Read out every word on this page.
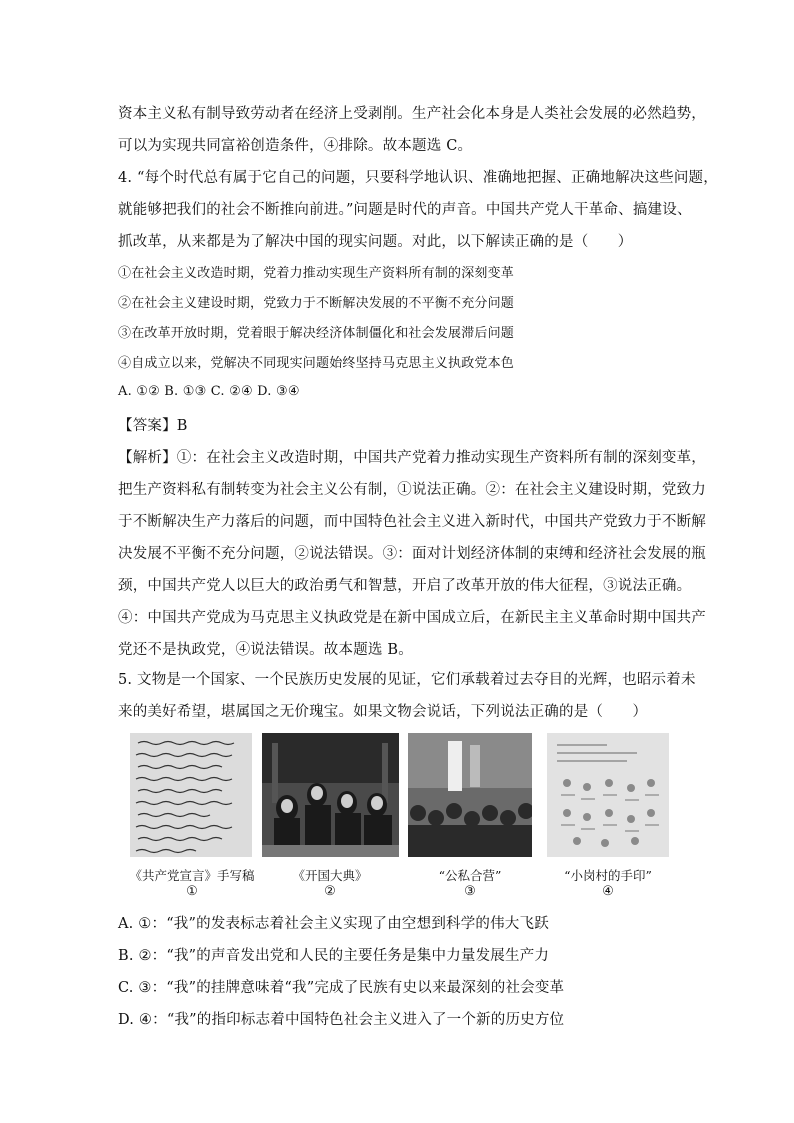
资本主义私有制导致劳动者在经济上受剥削。生产社会化本身是人类社会发展的必然趋势，
可以为实现共同富裕创造条件，④排除。故本题选 C。
4. “每个时代总有属于它自己的问题，只要科学地认识、准确地把握、正确地解决这些问题，
就能够把我们的社会不断推向前进。”问题是时代的声音。中国共产党人干革命、搞建设、
抓改革，从来都是为了解决中国的现实问题。对此，以下解读正确的是（　　）
①在社会主义改造时期，党着力推动实现生产资料所有制的深刻变革
②在社会主义建设时期，党致力于不断解决发展的不平衡不充分问题
③在改革开放时期，党着眼于解决经济体制僵化和社会发展滞后问题
④自成立以来，党解决不同现实问题始终坚持马克思主义执政党本色
A. ①② B. ①③ C. ②④ D. ③④
【答案】B
【解析】①：在社会主义改造时期，中国共产党着力推动实现生产资料所有制的深刻变革，
把生产资料私有制转变为社会主义公有制，①说法正确。②：在社会主义建设时期，党致力
于不断解决生产力落后的问题，而中国特色社会主义进入新时代，中国共产党致力于不断解
决发展不平衡不充分问题，②说法错误。③：面对计划经济体制的束缚和经济社会发展的瓶
颈，中国共产党人以巨大的政治勇气和智慧，开启了改革开放的伟大征程，③说法正确。
④：中国共产党成为马克思主义执政党是在新中国成立后，在新民主主义革命时期中国共产
党还不是执政党，④说法错误。故本题选 B。
5. 文物是一个国家、一个民族历史发展的见证，它们承载着过去夺目的光辉，也昭示着未
来的美好希望，堪属国之无价瑰宝。如果文物会说话，下列说法正确的是（　　）
《共产党宣言》手写稿
①
《开国大典》
②
“公私合营”
③
“小岗村的手印”
④
A. ①：“我”的发表标志着社会主义实现了由空想到科学的伟大飞跃
B. ②：“我”的声音发出党和人民的主要任务是集中力量发展生产力
C. ③：“我”的挂牌意味着“我”完成了民族有史以来最深刻的社会变革
D. ④：“我”的指印标志着中国特色社会主义进入了一个新的历史方位
